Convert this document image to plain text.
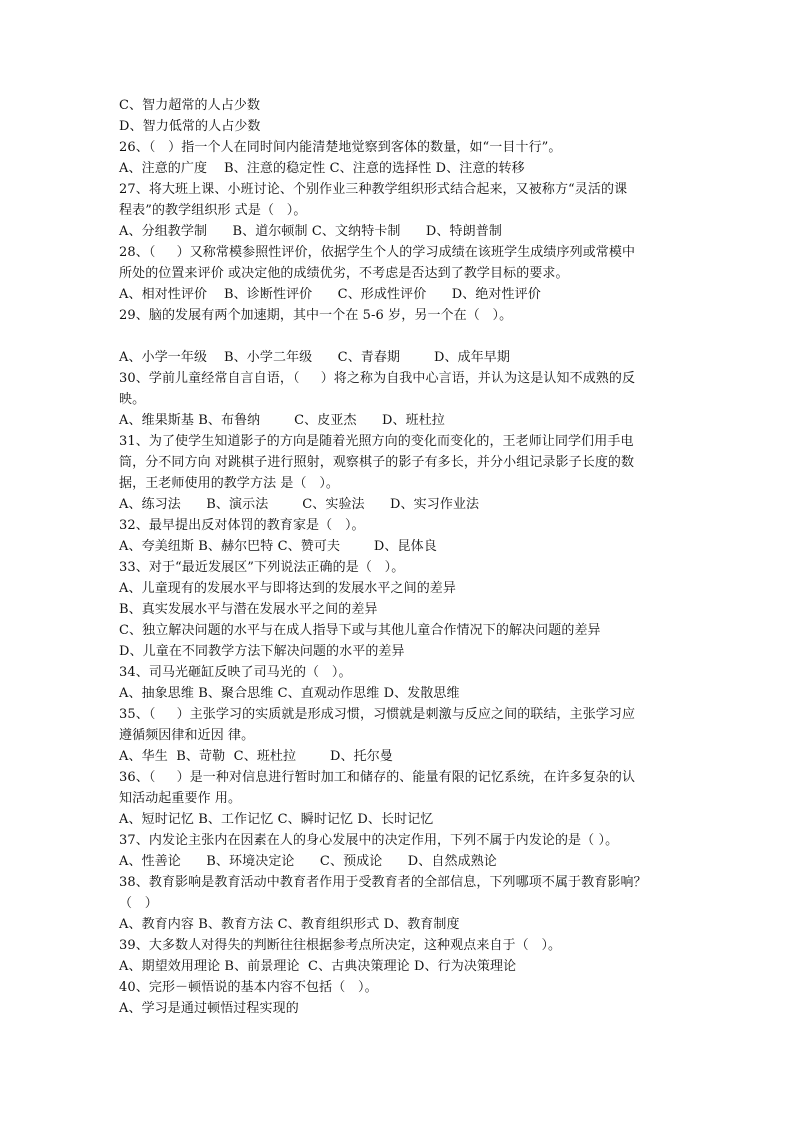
C、智力超常的人占少数
D、智力低常的人占少数
26、（   ）指一个人在同时间内能清楚地觉察到客体的数量，如“一目十行”。
A、注意的广度    B、注意的稳定性 C、注意的选择性 D、注意的转移
27、将大班上课、小班讨论、个别作业三种教学组织形式结合起来，又被称方“灵活的课
程表”的教学组织形 式是（   ）。
A、分组教学制      B、道尔顿制 C、文纳特卡制      D、特朗普制
28、（     ）又称常模参照性评价，依据学生个人的学习成绩在该班学生成绩序列或常模中
所处的位置来评价 或决定他的成绩优劣，不考虑是否达到了教学目标的要求。
A、相对性评价    B、诊断性评价      C、形成性评价      D、绝对性评价
29、脑的发展有两个加速期，其中一个在 5-6 岁，另一个在（   ）。
A、小学一年级    B、小学二年级      C、青春期        D、成年早期
30、学前儿童经常自言自语，（     ）将之称为自我中心言语，并认为这是认知不成熟的反
映。
A、维果斯基 B、布鲁纳        C、皮亚杰      D、班杜拉
31、为了使学生知道影子的方向是随着光照方向的变化而变化的，王老师让同学们用手电
筒，分不同方向 对跳棋子进行照射，观察棋子的影子有多长，并分小组记录影子长度的数
据，王老师使用的教学方法 是（   ）。
A、练习法      B、演示法        C、实验法      D、实习作业法
32、最早提出反对体罚的教育家是（   ）。
A、夸美纽斯 B、赫尔巴特 C、赞可夫        D、昆体良
33、对于“最近发展区”下列说法正确的是（   ）。
A、儿童现有的发展水平与即将达到的发展水平之间的差异
B、真实发展水平与潜在发展水平之间的差异
C、独立解决问题的水平与在成人指导下或与其他儿童合作情况下的解决问题的差异
D、儿童在不同教学方法下解决问题的水平的差异
34、司马光砸缸反映了司马光的（   ）。
A、抽象思维 B、聚合思维 C、直观动作思维 D、发散思维
35、（     ）主张学习的实质就是形成习惯，习惯就是刺激与反应之间的联结，主张学习应
遵循频因律和近因 律。
A、华生  B、苛勒  C、班杜拉        D、托尔曼
36、（     ）是一种对信息进行暂时加工和储存的、能量有限的记忆系统，在许多复杂的认
知活动起重要作 用。
A、短时记忆 B、工作记忆 C、瞬时记忆 D、长时记忆
37、内发论主张内在因素在人的身心发展中的决定作用，下列不属于内发论的是（ ）。
A、性善论      B、环境决定论      C、预成论      D、自然成熟论
38、教育影响是教育活动中教育者作用于受教育者的全部信息，下列哪项不属于教育影响？
（   ）
A、教育内容 B、教育方法 C、教育组织形式 D、教育制度
39、大多数人对得失的判断往往根据参考点所决定，这种观点来自于（   ）。
A、期望效用理论 B、前景理论  C、古典决策理论 D、行为决策理论
40、完形－顿悟说的基本内容不包括（   ）。
A、学习是通过顿悟过程实现的
